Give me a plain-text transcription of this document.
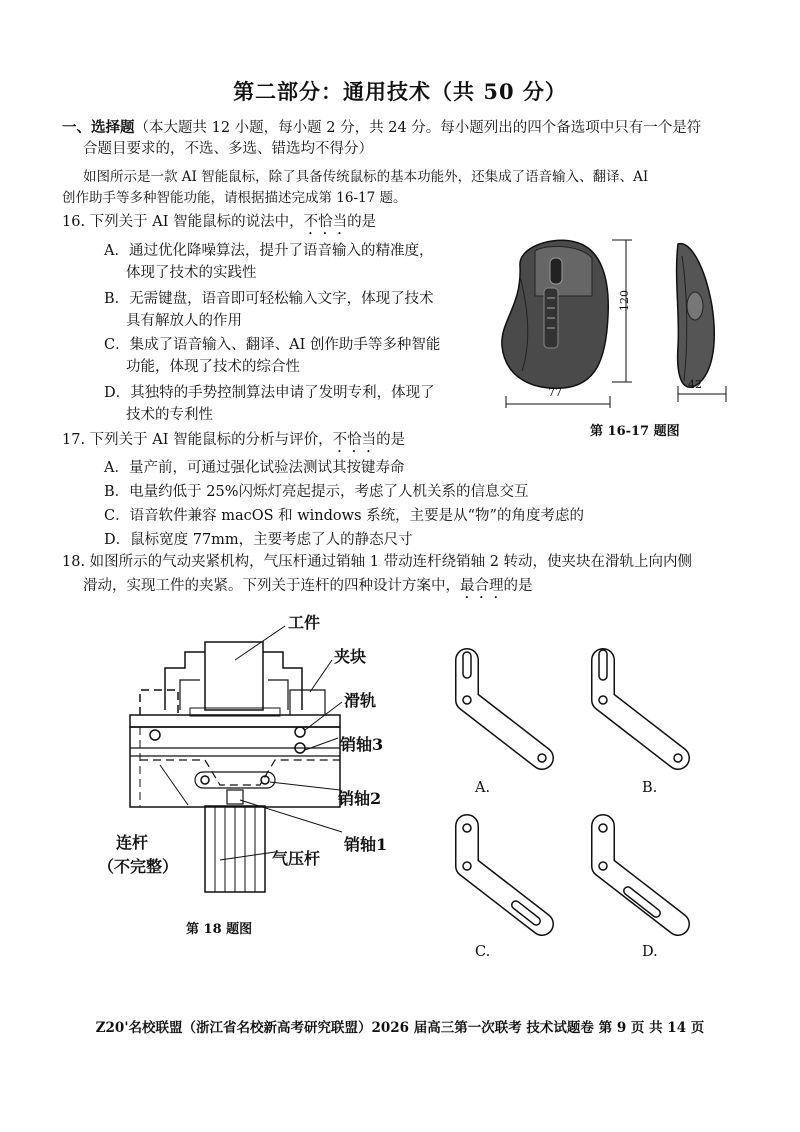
第二部分：通用技术（共 50 分）
一、选择题（本大题共 12 小题，每小题 2 分，共 24 分。每小题列出的四个备选项中只有一个是符
合题目要求的，不选、多选、错选均不得分）
如图所示是一款 AI 智能鼠标，除了具备传统鼠标的基本功能外，还集成了语音输入、翻译、AI
创作助手等多种智能功能，请根据描述完成第 16-17 题。
16. 下列关于 AI 智能鼠标的说法中，不恰当的是
A．通过优化降噪算法，提升了语音输入的精准度，
体现了技术的实践性
B．无需键盘，语音即可轻松输入文字，体现了技术
具有解放人的作用
C．集成了语音输入、翻译、AI 创作助手等多种智能
功能，体现了技术的综合性
D．其独特的手势控制算法申请了发明专利，体现了
技术的专利性
120
77
42
第 16-17 题图
17. 下列关于 AI 智能鼠标的分析与评价，不恰当的是
A．量产前，可通过强化试验法测试其按键寿命
B．电量约低于 25%闪烁灯亮起提示，考虑了人机关系的信息交互
C．语音软件兼容 macOS 和 windows 系统，主要是从“物”的角度考虑的
D．鼠标宽度 77mm，主要考虑了人的静态尺寸
18. 如图所示的气动夹紧机构，气压杆通过销轴 1 带动连杆绕销轴 2 转动，使夹块在滑轨上向内侧
滑动，实现工件的夹紧。下列关于连杆的四种设计方案中，最合理的是
工件
夹块
滑轨
销轴3
销轴2
销轴1
连杆
（不完整）	气压杆
第 18 题图
A.	B.
C.	D.
Z20'名校联盟（浙江省名校新高考研究联盟）2026 届高三第一次联考 技术试题卷 第 9 页 共 14 页
